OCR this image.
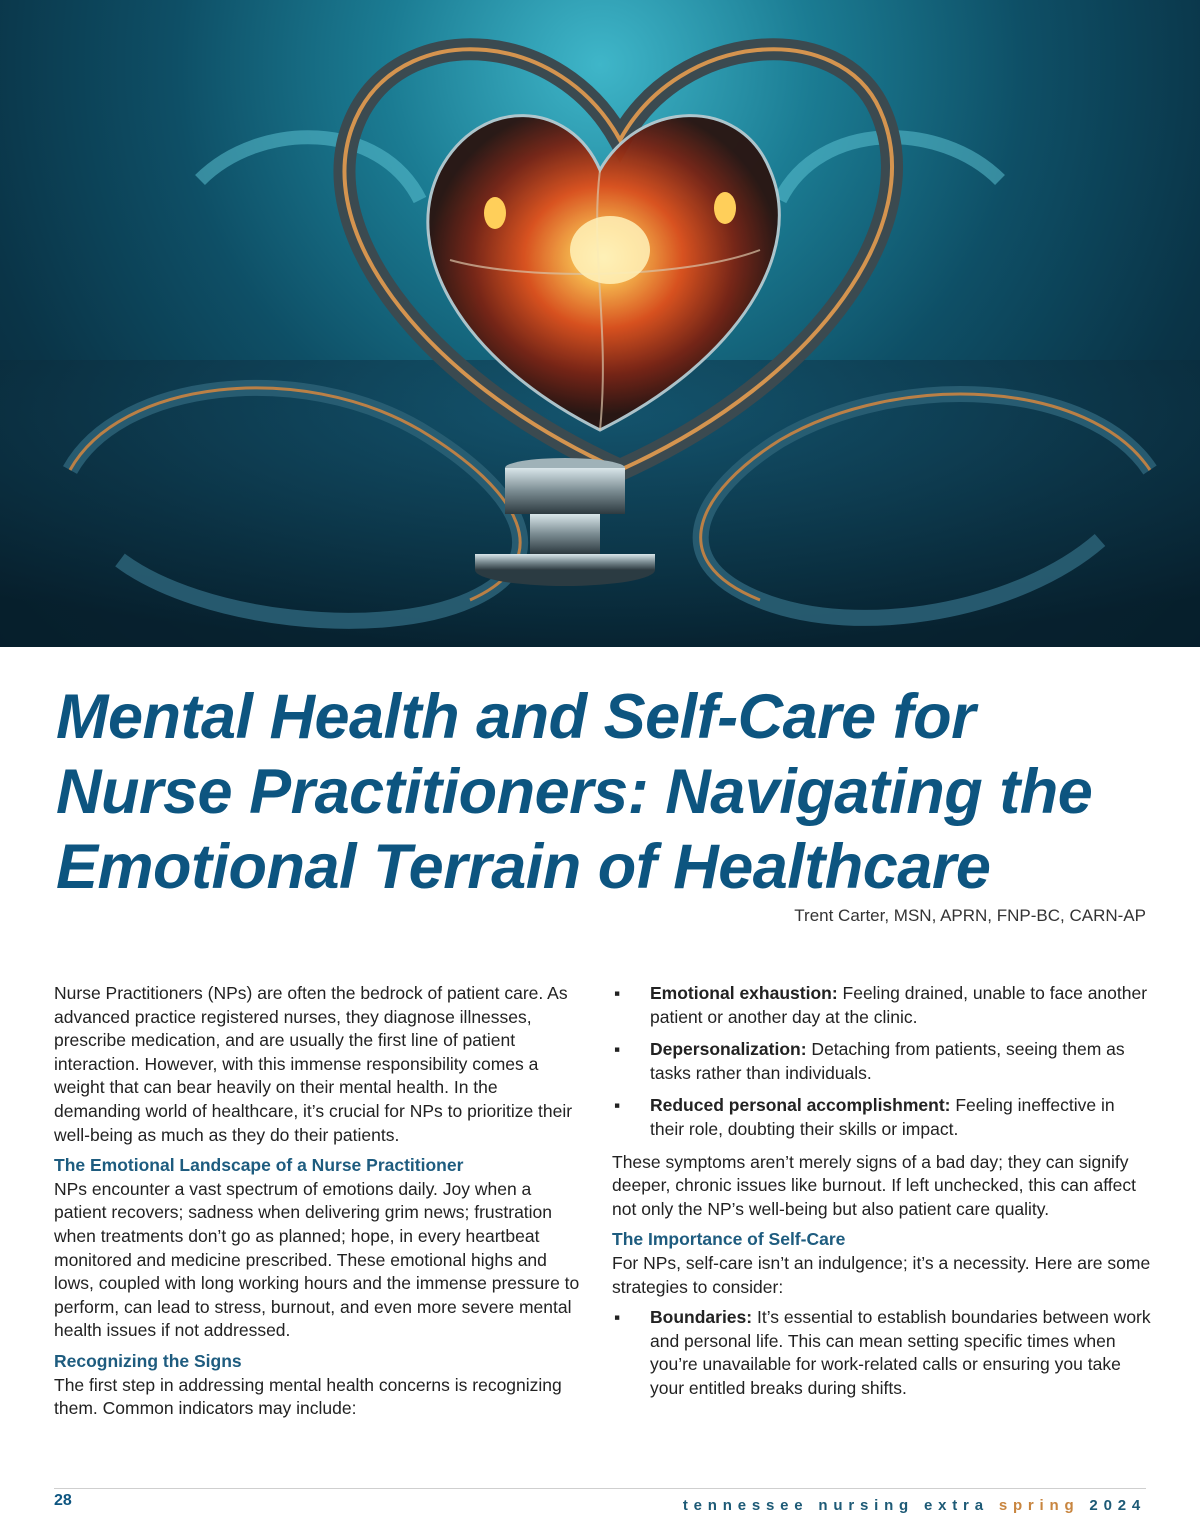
Mental Health and Self-Care for Nurse Practitioners: Navigating the Emotional Terrain of Healthcare

Trent Carter, MSN, APRN, FNP-BC, CARN-AP

Nurse Practitioners (NPs) are often the bedrock of patient care. As advanced practice registered nurses, they diagnose illnesses, prescribe medication, and are usually the first line of patient interaction. However, with this immense responsibility comes a weight that can bear heavily on their mental health. In the demanding world of healthcare, it’s crucial for NPs to prioritize their well-being as much as they do their patients.

The Emotional Landscape of a Nurse Practitioner

NPs encounter a vast spectrum of emotions daily. Joy when a patient recovers; sadness when delivering grim news; frustration when treatments don’t go as planned; hope, in every heartbeat monitored and medicine prescribed. These emotional highs and lows, coupled with long working hours and the immense pressure to perform, can lead to stress, burnout, and even more severe mental health issues if not addressed.

Recognizing the Signs

The first step in addressing mental health concerns is recognizing them. Common indicators may include:

▪ Emotional exhaustion: Feeling drained, unable to face another patient or another day at the clinic.
▪ Depersonalization: Detaching from patients, seeing them as tasks rather than individuals.
▪ Reduced personal accomplishment: Feeling ineffective in their role, doubting their skills or impact.

These symptoms aren’t merely signs of a bad day; they can signify deeper, chronic issues like burnout. If left unchecked, this can affect not only the NP’s well-being but also patient care quality.

The Importance of Self-Care

For NPs, self-care isn’t an indulgence; it’s a necessity. Here are some strategies to consider:

▪ Boundaries: It’s essential to establish boundaries between work and personal life. This can mean setting specific times when you’re unavailable for work-related calls or ensuring you take your entitled breaks during shifts.
28	tennessee nursing extra spring 2024
